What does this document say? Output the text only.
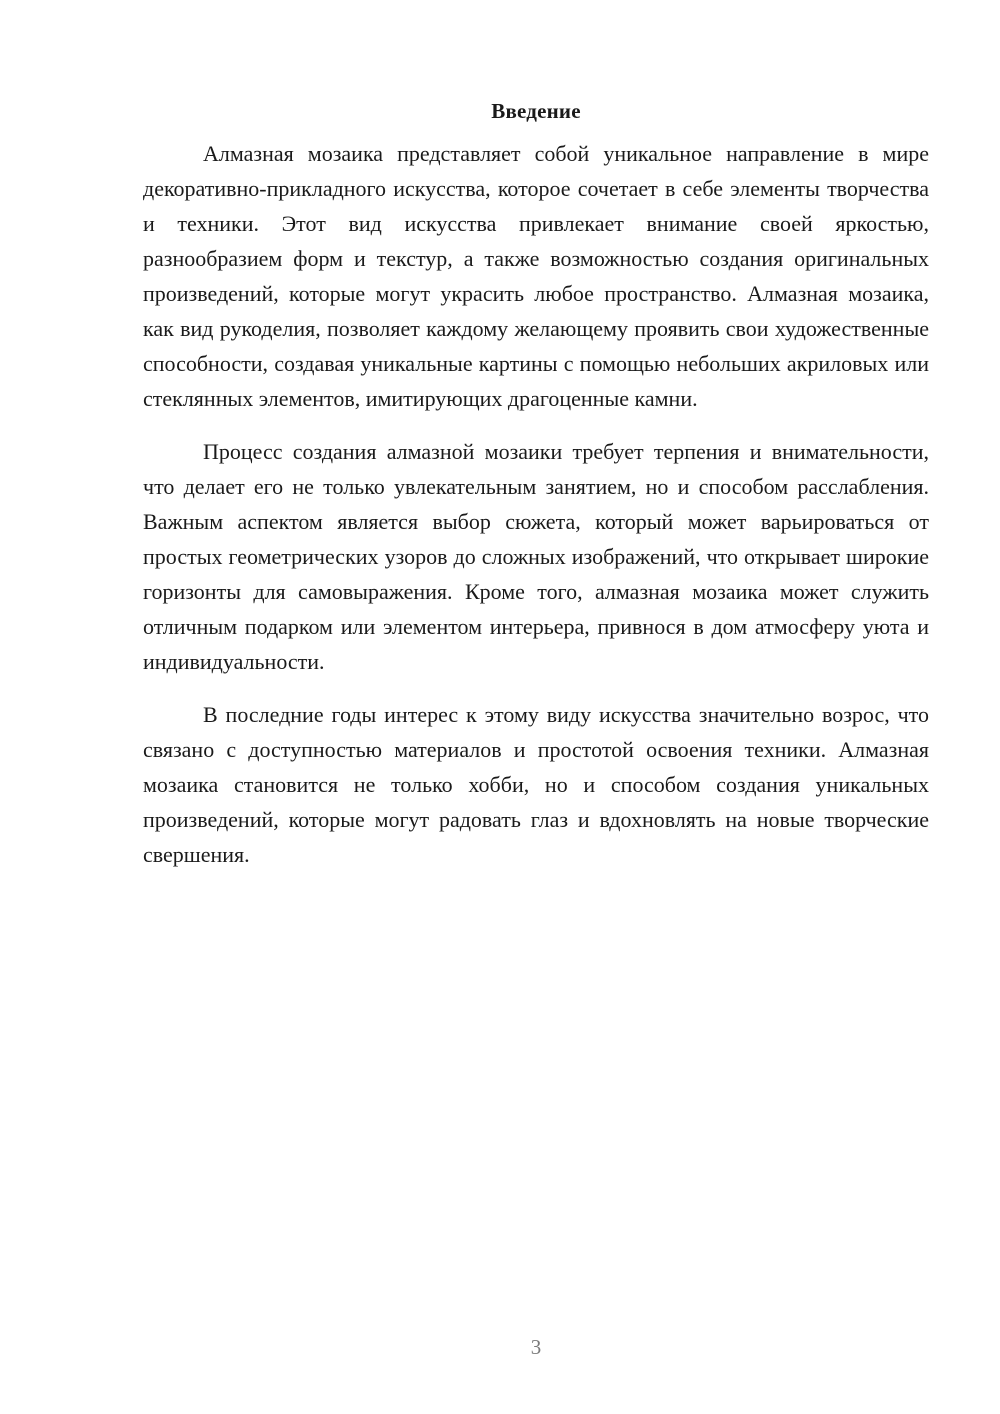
Введение

Алмазная мозаика представляет собой уникальное направление в мире декоративно-прикладного искусства, которое сочетает в себе элементы творчества и техники. Этот вид искусства привлекает внимание своей яркостью, разнообразием форм и текстур, а также возможностью создания оригинальных произведений, которые могут украсить любое пространство. Алмазная мозаика, как вид рукоделия, позволяет каждому желающему проявить свои художественные способности, создавая уникальные картины с помощью небольших акриловых или стеклянных элементов, имитирующих драгоценные камни.

Процесс создания алмазной мозаики требует терпения и внимательности, что делает его не только увлекательным занятием, но и способом расслабления. Важным аспектом является выбор сюжета, который может варьироваться от простых геометрических узоров до сложных изображений, что открывает широкие горизонты для самовыражения. Кроме того, алмазная мозаика может служить отличным подарком или элементом интерьера, привнося в дом атмосферу уюта и индивидуальности.

В последние годы интерес к этому виду искусства значительно возрос, что связано с доступностью материалов и простотой освоения техники. Алмазная мозаика становится не только хобби, но и способом создания уникальных произведений, которые могут радовать глаз и вдохновлять на новые творческие свершения.

3
